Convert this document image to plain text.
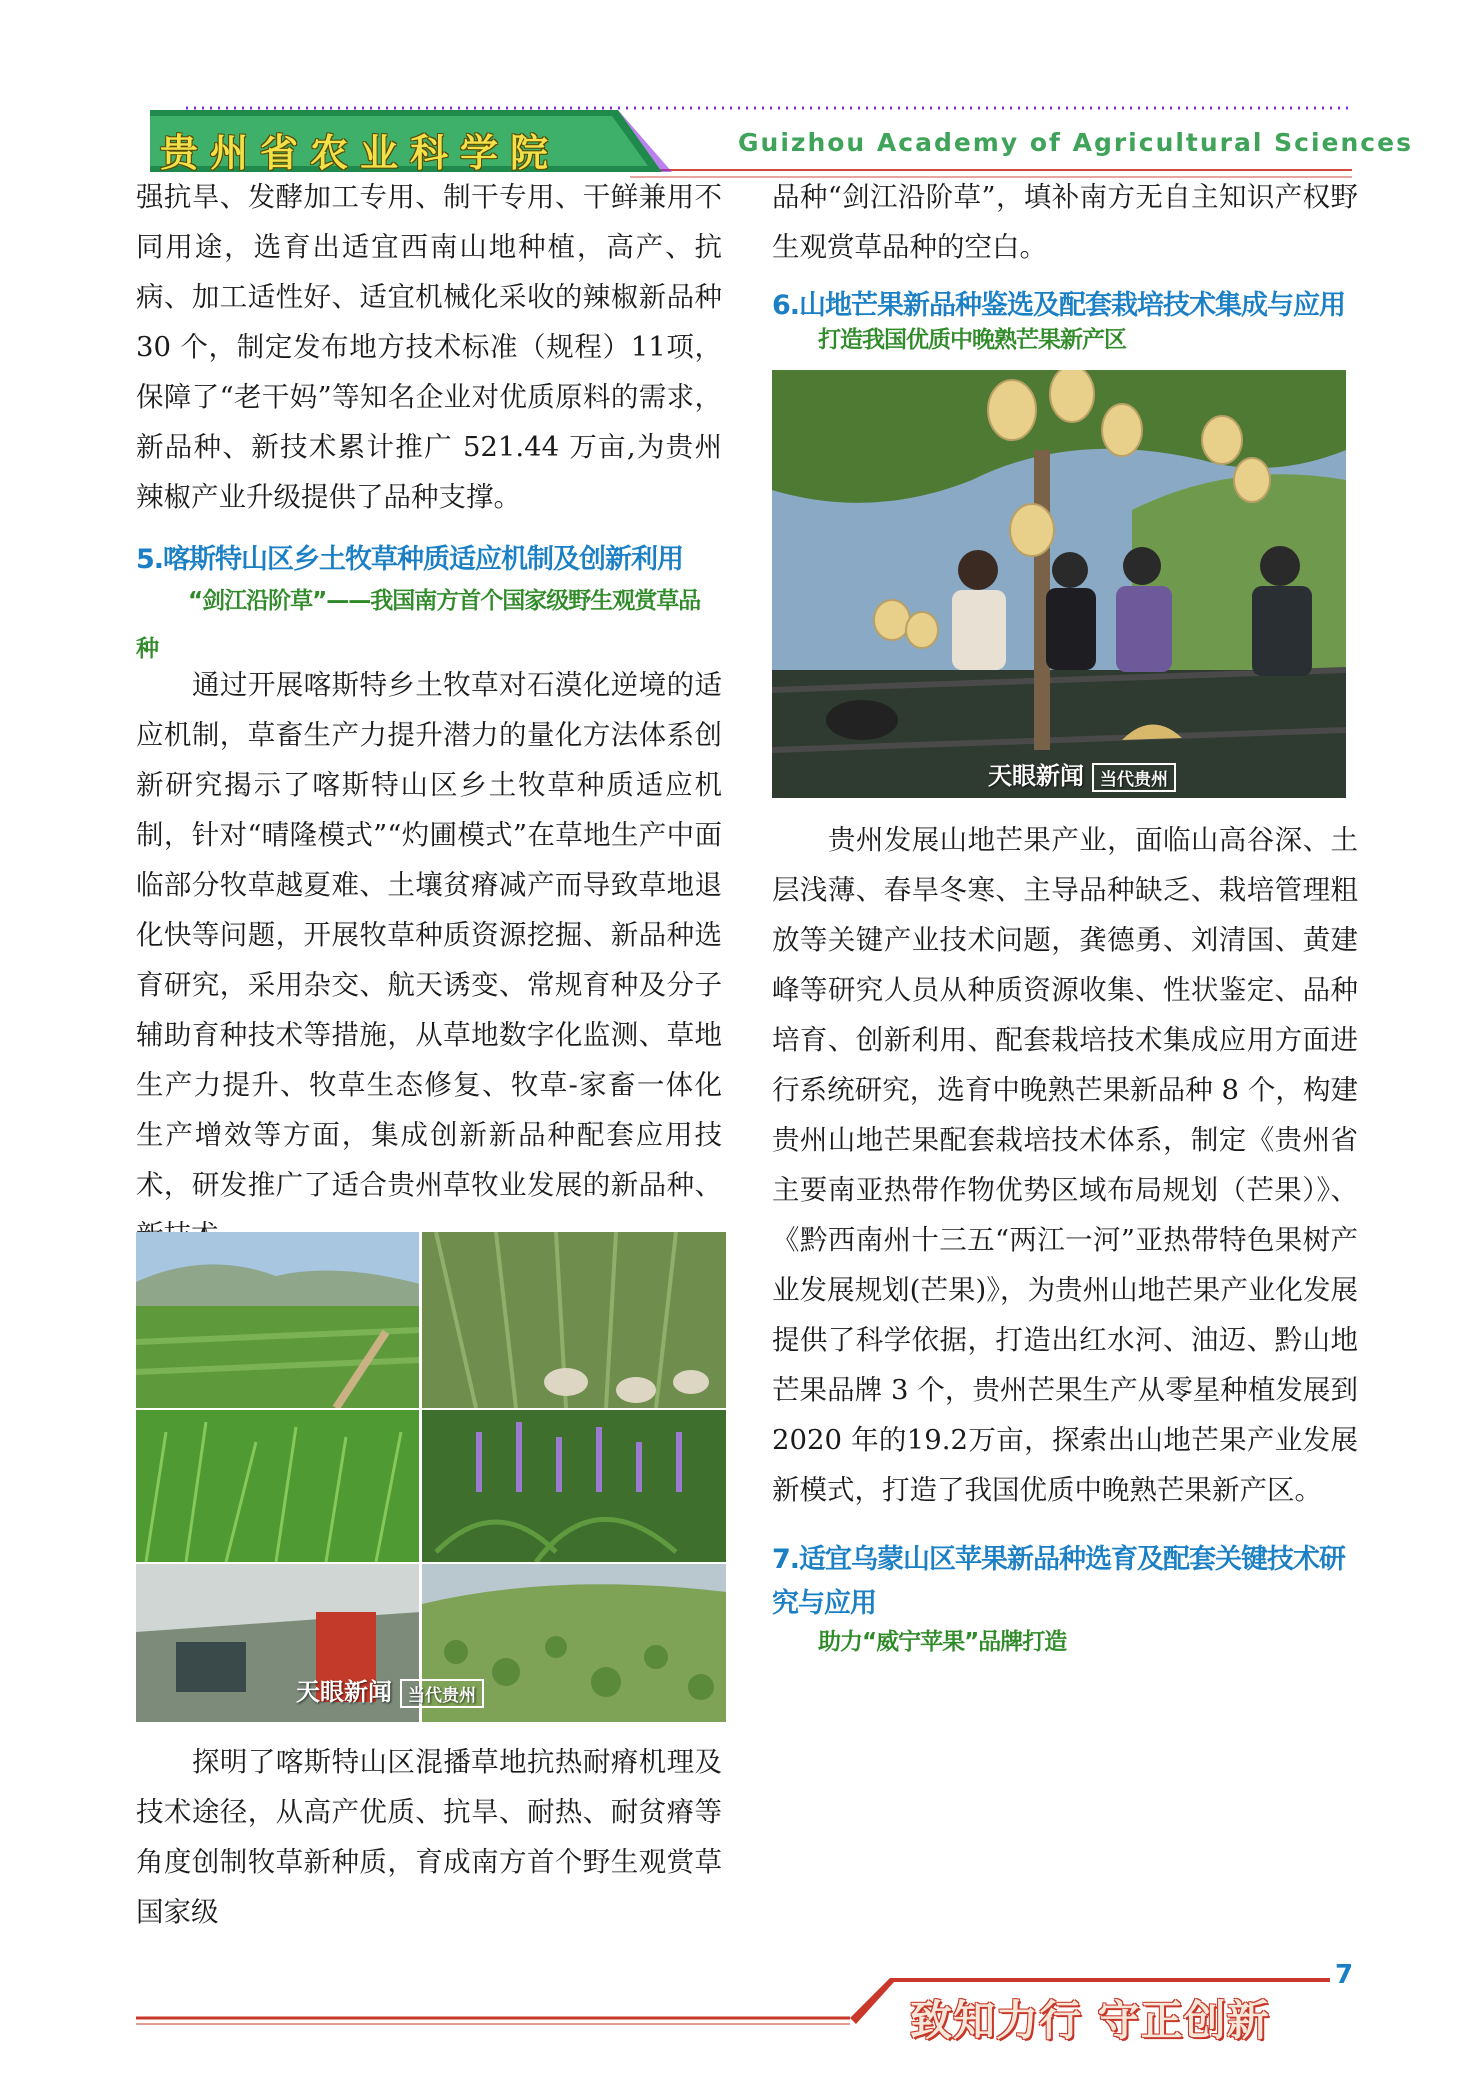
贵州省农业科学院	Guizhou Academy of Agricultural Sciences
强抗旱、发酵加工专用、制干专用、干鲜兼用不同用途，选育出适宜西南山地种植，高产、抗病、加工适性好、适宜机械化采收的辣椒新品种 30 个，制定发布地方技术标准（规程）11项，保障了“老干妈”等知名企业对优质原料的需求，新品种、新技术累计推广 521.44 万亩,为贵州辣椒产业升级提供了品种支撑。
5.喀斯特山区乡土牧草种质适应机制及创新利用
“剑江沿阶草”——我国南方首个国家级野生观赏草品种
通过开展喀斯特乡土牧草对石漠化逆境的适应机制，草畜生产力提升潜力的量化方法体系创新研究揭示了喀斯特山区乡土牧草种质适应机制，针对“晴隆模式”“灼圃模式”在草地生产中面临部分牧草越夏难、土壤贫瘠减产而导致草地退化快等问题，开展牧草种质资源挖掘、新品种选育研究，采用杂交、航天诱变、常规育种及分子辅助育种技术等措施，从草地数字化监测、草地生产力提升、牧草生态修复、牧草-家畜一体化生产增效等方面，集成创新新品种配套应用技术，研发推广了适合贵州草牧业发展的新品种、
天眼新闻 当代贵州
探明了喀斯特山区混播草地抗热耐瘠机理及技术途径，从高产优质、抗旱、耐热、耐贫瘠等角度创制牧草新种质，育成南方首个野生观赏草国家级
品种“剑江沿阶草”，填补南方无自主知识产权野生观赏草品种的空白。
6.山地芒果新品种鉴选及配套栽培技术集成与应用
打造我国优质中晚熟芒果新产区
天眼新闻 当代贵州
贵州发展山地芒果产业，面临山高谷深、土层浅薄、春旱冬寒、主导品种缺乏、栽培管理粗放等关键产业技术问题，龚德勇、刘清国、黄建峰等研究人员从种质资源收集、性状鉴定、品种培育、创新利用、配套栽培技术集成应用方面进行系统研究，选育中晚熟芒果新品种 8 个，构建贵州山地芒果配套栽培技术体系，制定《贵州省主要南亚热带作物优势区域布局规划（芒果）》、《黔西南州十三五“两江一河”亚热带特色果树产业发展规划(芒果)》，为贵州山地芒果产业化发展提供了科学依据，打造出红水河、油迈、黔山地芒果品牌 3 个，贵州芒果生产从零星种植发展到 2020 年的19.2万亩，探索出山地芒果产业发展新模式，打造了我国优质中晚熟芒果新产区。
7.适宜乌蒙山区苹果新品种选育及配套关键技术研究与应用
助力“威宁苹果”品牌打造
7
致知力行 守正创新
